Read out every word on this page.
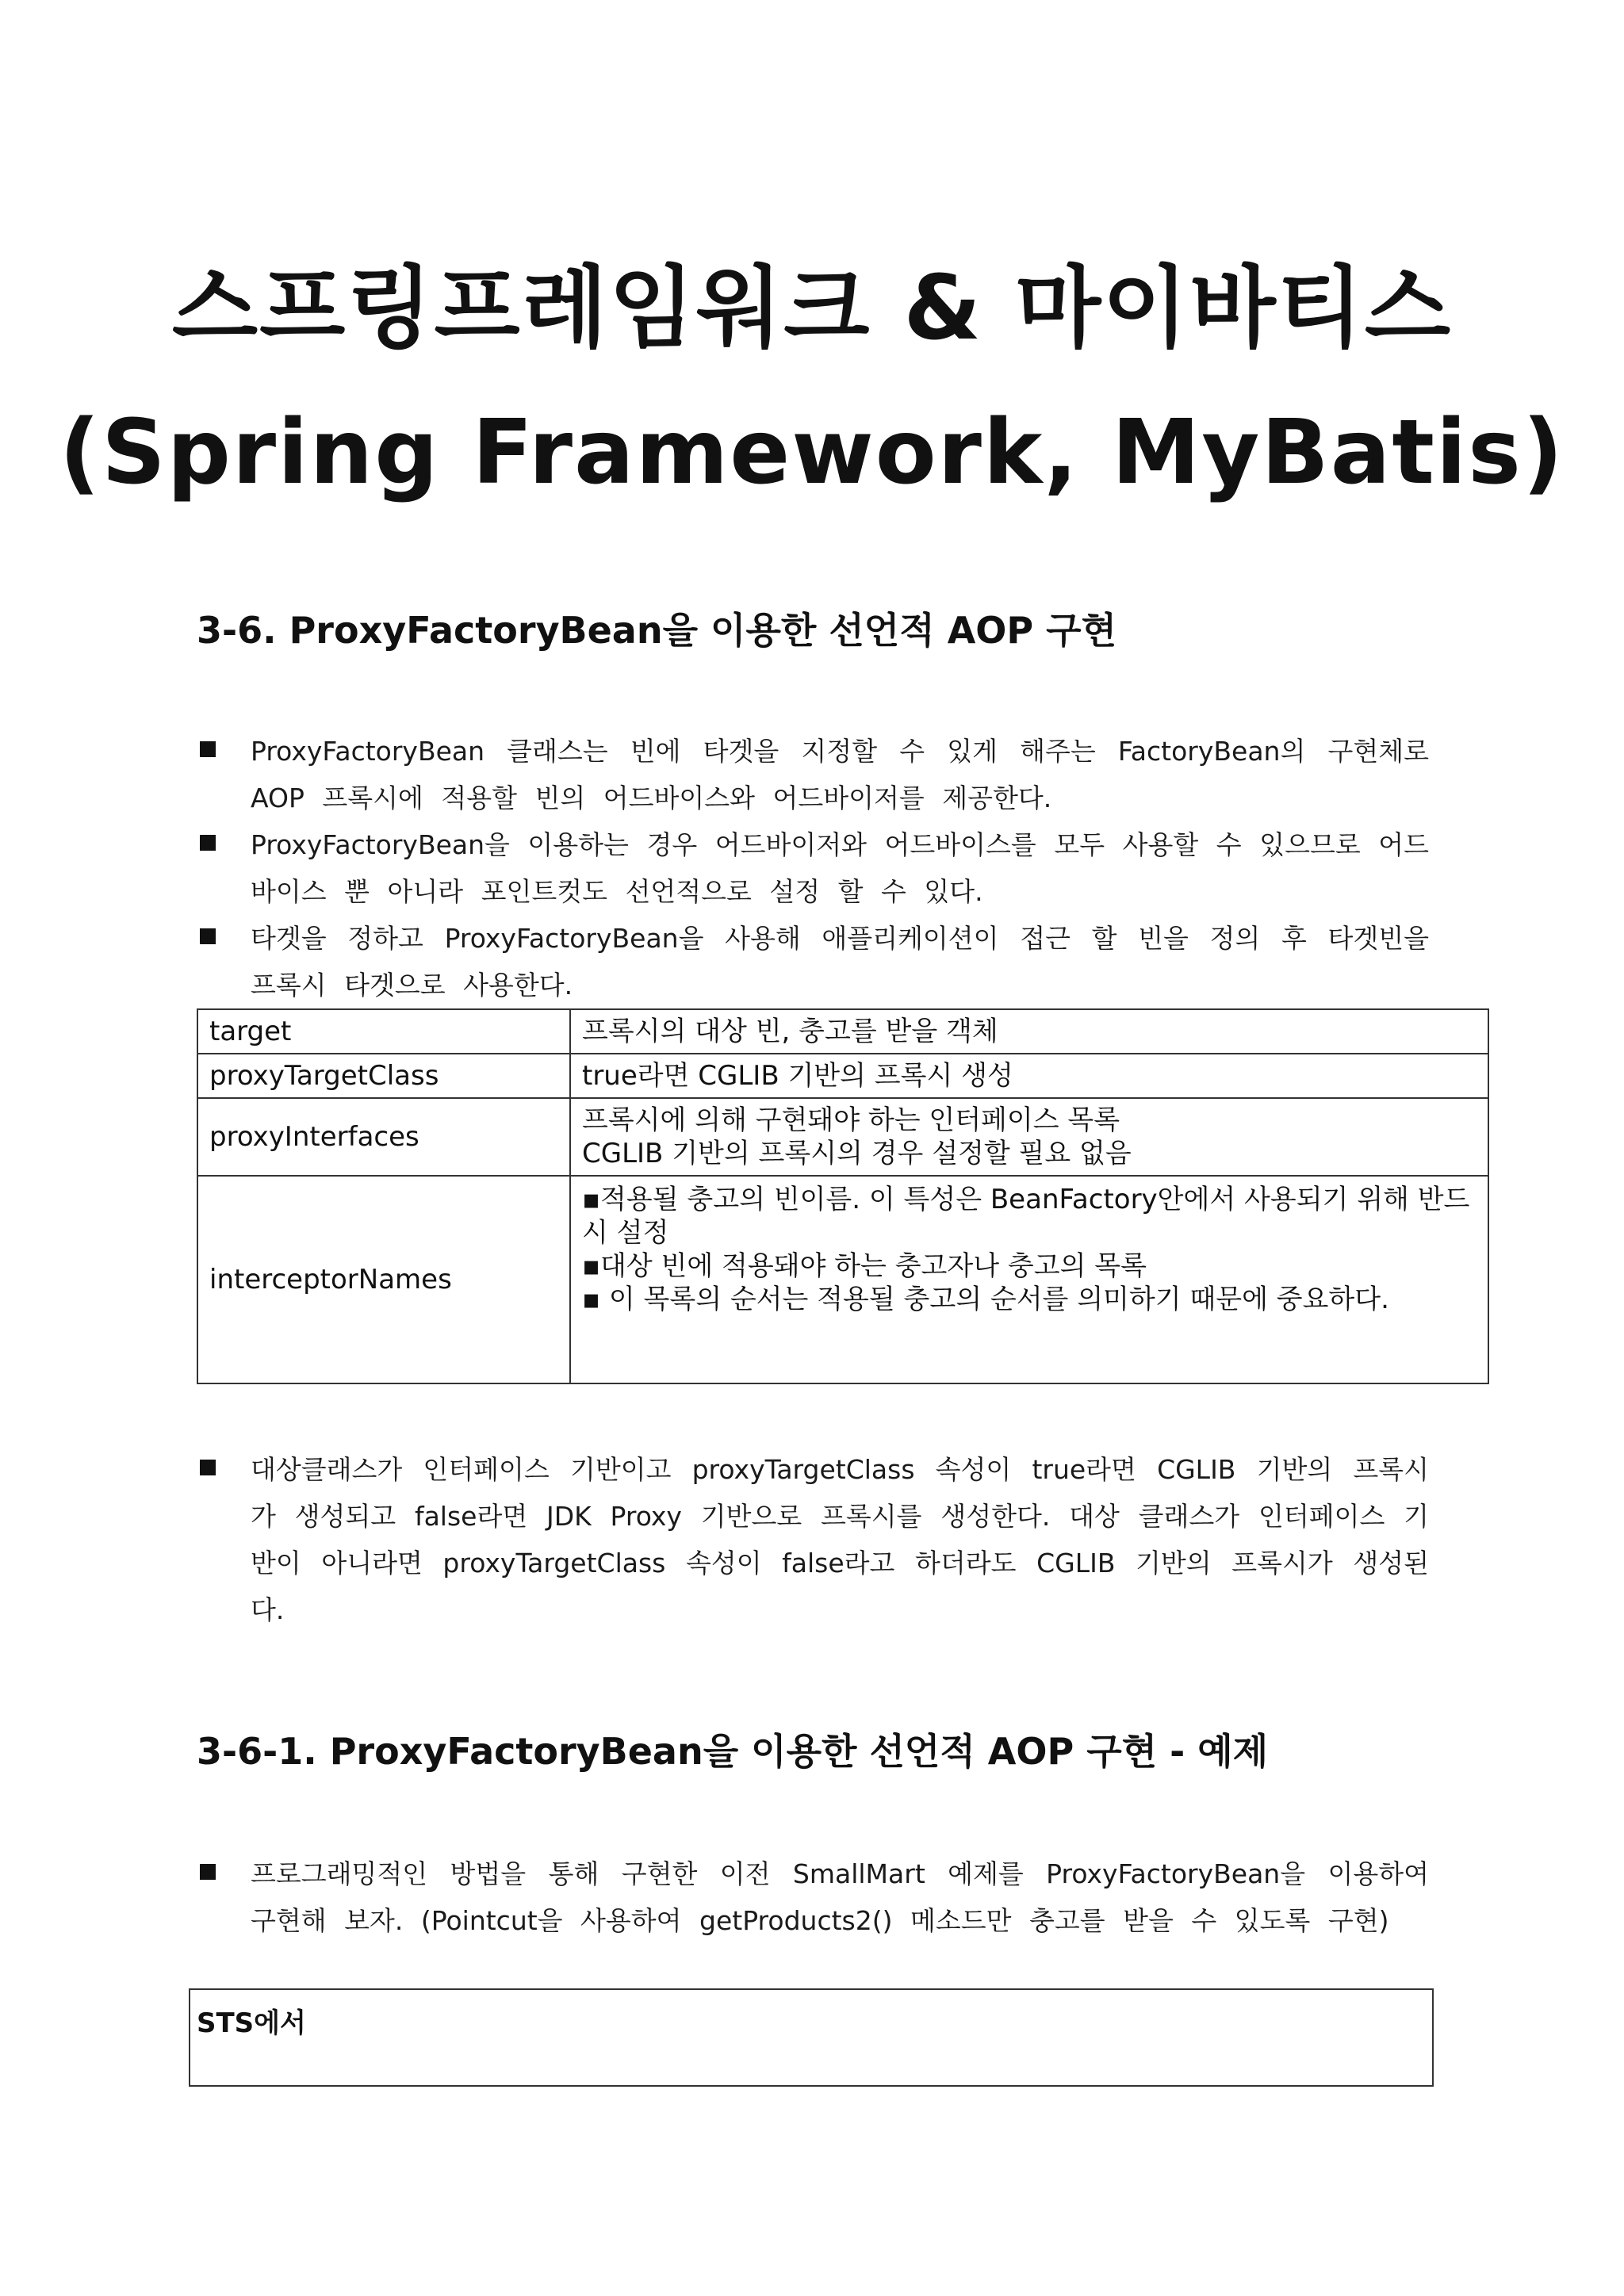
스프링프레임워크 & 마이바티스
(Spring Framework, MyBatis)
3-6. ProxyFactoryBean을 이용한 선언적 AOP 구현
ProxyFactoryBean 클래스는 빈에 타겟을 지정할 수 있게 해주는 FactoryBean의 구현체로 AOP 프록시에 적용할 빈의 어드바이스와 어드바이저를 제공한다.
ProxyFactoryBean을 이용하는 경우 어드바이저와 어드바이스를 모두 사용할 수 있으므로 어드바이스 뿐 아니라 포인트컷도 선언적으로 설정 할 수 있다.
타겟을 정하고 ProxyFactoryBean을 사용해 애플리케이션이 접근 할 빈을 정의 후 타겟빈을 프록시 타겟으로 사용한다.
target	프록시의 대상 빈, 충고를 받을 객체

proxyTargetClass	true라면 CGLIB 기반의 프록시 생성

proxyInterfaces	프록시에 의해 구현돼야 하는 인터페이스 목록
CGLIB 기반의 프록시의 경우 설정할 필요 없음

interceptorNames	▪적용될 충고의 빈이름. 이 특성은 BeanFactory안에서 사용되기 위해 반드시 설정
▪대상 빈에 적용돼야 하는 충고자나 충고의 목록
▪ 이 목록의 순서는 적용될 충고의 순서를 의미하기 때문에 중요하다.
대상클래스가 인터페이스 기반이고 proxyTargetClass 속성이 true라면 CGLIB 기반의 프록시가 생성되고 false라면 JDK Proxy 기반으로 프록시를 생성한다. 대상 클래스가 인터페이스 기반이 아니라면 proxyTargetClass 속성이 false라고 하더라도 CGLIB 기반의 프록시가 생성된다.
3-6-1. ProxyFactoryBean을 이용한 선언적 AOP 구현 - 예제
프로그래밍적인 방법을 통해 구현한 이전 SmallMart 예제를 ProxyFactoryBean을 이용하여 구현해 보자. (Pointcut을 사용하여 getProducts2() 메소드만 충고를 받을 수 있도록 구현)
STS에서
